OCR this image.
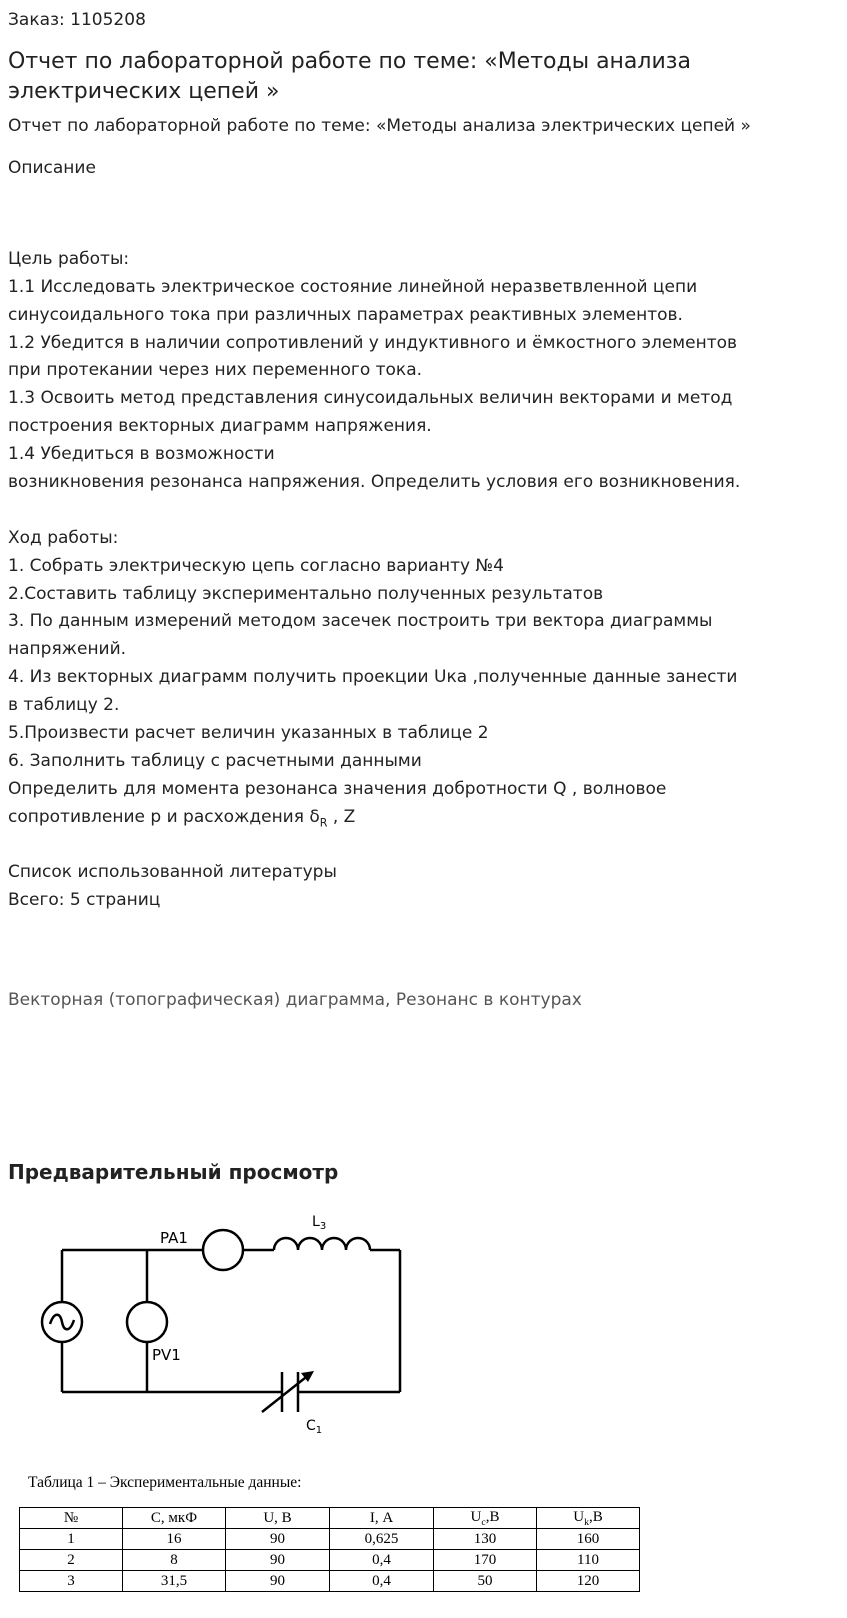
Заказ: 1105208

Отчет по лабораторной работе по теме: «Методы анализа электрических цепей »

Отчет по лабораторной работе по теме: «Методы анализа электрических цепей »

Описание

Цель работы:
1.1 Исследовать электрическое состояние линейной неразветвленной цепи
синусоидального тока при различных параметрах реактивных элементов.
1.2 Убедится в наличии сопротивлений у индуктивного и ёмкостного элементов
при протекании через них переменного тока.
1.3 Освоить метод представления синусоидальных величин векторами и метод
построения векторных диаграмм напряжения.
1.4 Убедиться в возможности
возникновения резонанса напряжения. Определить условия его возникновения.
Ход работы:
1. Собрать электрическую цепь согласно варианту №4
2.Составить таблицу экспериментально полученных результатов
3. По данным измерений методом засечек построить три вектора диаграммы
напряжений.
4. Из векторных диаграмм получить проекции Uка ,полученные данные занести
в таблицу 2.
5.Произвести расчет величин указанных в таблице 2
6. Заполнить таблицу с расчетными данными
Определить для момента резонанса значения добротности Q , волновое
сопротивление p и расхождения $\delta_R$ , Z
Список использованной литературы
Всего: 5 страниц
Векторная (топографическая) диаграмма, Резонанс в контурах
Предварительный просмотр
PA1
PV1
$L_3$
$C_1$

Таблица 1 – Экспериментальные данные:

№	С, мкФ	U, В	I, А	$U_c,В$	$U_k,В$
1	16	90	0,625	130	160
2	8	90	0,4	170	110
3	31,5	90	0,4	50	120
